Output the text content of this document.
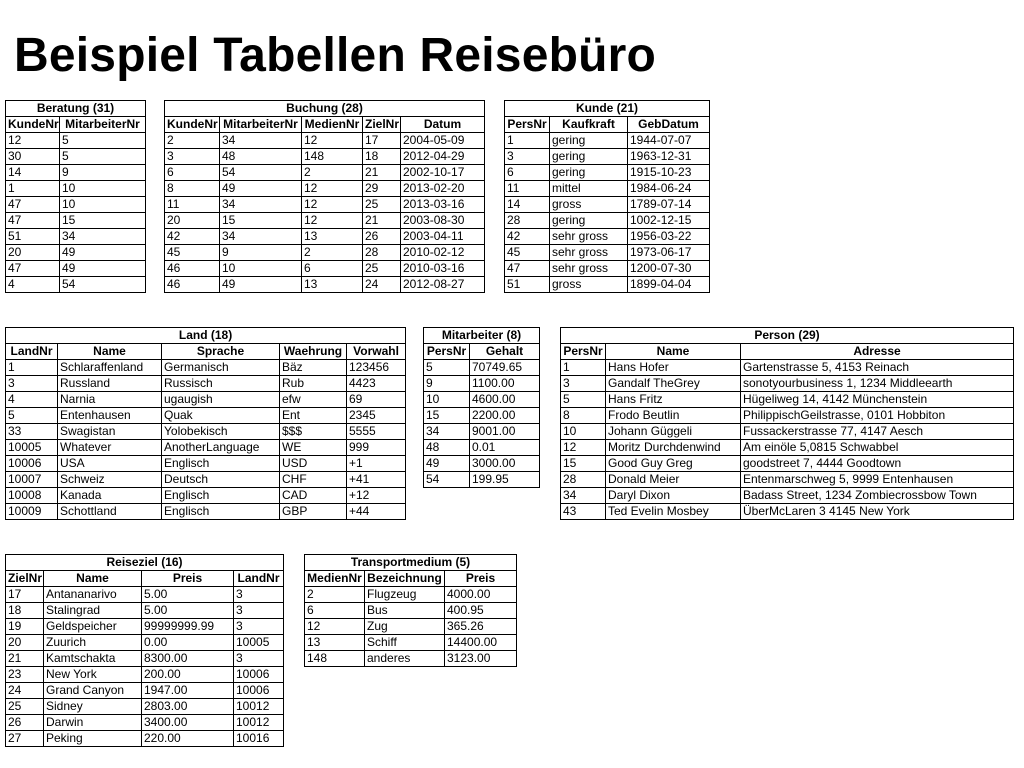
Beispiel Tabellen Reisebüro
Beratung (31)	
KundeNr	MitarbeiterNr
12	5
30	5
14	9
1	10
47	10
47	15
51	34
20	49
47	49
4	54
Buchung (28)				
KundeNr	MitarbeiterNr	MedienNr	ZielNr	Datum
2	34	12	17	2004-05-09
3	48	148	18	2012-04-29
6	54	2	21	2002-10-17
8	49	12	29	2013-02-20
11	34	12	25	2013-03-16
20	15	12	21	2003-08-30
42	34	13	26	2003-04-11
45	9	2	28	2010-02-12
46	10	6	25	2010-03-16
46	49	13	24	2012-08-27
Kunde (21)		
PersNr	Kaufkraft	GebDatum
1	gering	1944-07-07
3	gering	1963-12-31
6	gering	1915-10-23
11	mittel	1984-06-24
14	gross	1789-07-14
28	gering	1002-12-15
42	sehr gross	1956-03-22
45	sehr gross	1973-06-17
47	sehr gross	1200-07-30
51	gross	1899-04-04
Land (18)				
LandNr	Name	Sprache	Waehrung	Vorwahl
1	Schlaraffenland	Germanisch	Bäz	123456
3	Russland	Russisch	Rub	4423
4	Narnia	ugaugish	efw	69
5	Entenhausen	Quak	Ent	2345
33	Swagistan	Yolobekisch	$$$	5555
10005	Whatever	AnotherLanguage	WE	999
10006	USA	Englisch	USD	+1
10007	Schweiz	Deutsch	CHF	+41
10008	Kanada	Englisch	CAD	+12
10009	Schottland	Englisch	GBP	+44
Mitarbeiter (8)	
PersNr	Gehalt
5	70749.65
9	1100.00
10	4600.00
15	2200.00
34	9001.00
48	0.01
49	3000.00
54	199.95
Person (29)		
PersNr	Name	Adresse
1	Hans Hofer	Gartenstrasse 5, 4153 Reinach
3	Gandalf TheGrey	sonotyourbusiness 1, 1234 Middleearth
5	Hans Fritz	Hügeliweg 14, 4142 Münchenstein
8	Frodo Beutlin	PhilippischGeilstrasse, 0101 Hobbiton
10	Johann Güggeli	Fussackerstrasse 77, 4147 Aesch
12	Moritz Durchdenwind	Am einöle 5,0815 Schwabbel
15	Good Guy Greg	goodstreet 7, 4444 Goodtown
28	Donald Meier	Entenmarschweg 5, 9999 Entenhausen
34	Daryl Dixon	Badass Street, 1234 Zombiecrossbow Town
43	Ted Evelin Mosbey	ÜberMcLaren 3 4145 New York
Reiseziel (16)			
ZielNr	Name	Preis	LandNr
17	Antananarivo	5.00	3
18	Stalingrad	5.00	3
19	Geldspeicher	99999999.99	3
20	Zuurich	0.00	10005
21	Kamtschakta	8300.00	3
23	New York	200.00	10006
24	Grand Canyon	1947.00	10006
25	Sidney	2803.00	10012
26	Darwin	3400.00	10012
27	Peking	220.00	10016
Transportmedium (5)		
MedienNr	Bezeichnung	Preis
2	Flugzeug	4000.00
6	Bus	400.95
12	Zug	365.26
13	Schiff	14400.00
148	anderes	3123.00
